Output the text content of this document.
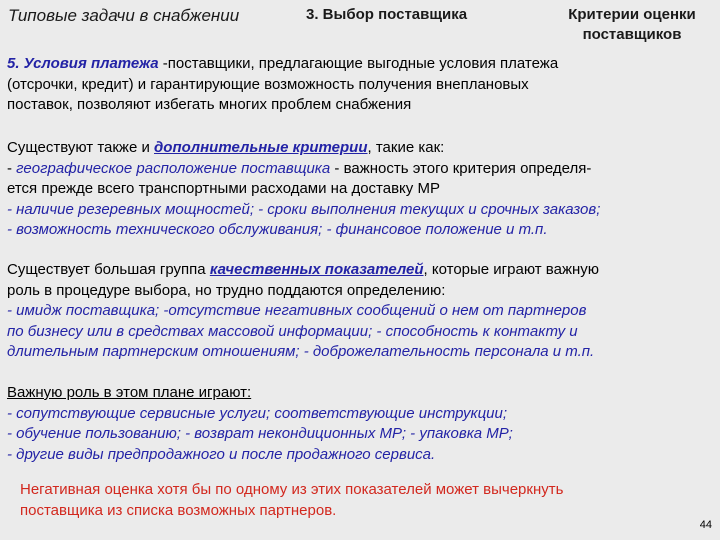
Типовые задачи в снабжении	3. Выбор поставщика	Критерии оценки поставщиков
5. Условия платежа -поставщики, предлагающие выгодные условия платежа
(отсрочки, кредит) и гарантирующие возможность получения внеплановых
поставок, позволяют избегать многих проблем снабжения
Существуют также и дополнительные критерии, такие как:
- географическое расположение поставщика - важность этого критерия определя-
ется прежде всего транспортными расходами на доставку МР
- наличие резеревных мощностей; - сроки выполнения текущих и срочных заказов;
- возможность технического обслуживания; - финансовое положение и т.п.
Существует большая группа качественных показателей, которые играют важную
роль в процедуре выбора, но трудно поддаются определению:
- имидж поставщика; -отсутствие негативных сообщений о нем от партнеров
по бизнесу или в средствах массовой информации; - способность к контакту и
длительным партнерским отношениям; - доброжелательность персонала и т.п.
Важную роль в этом плане играют:
- сопутствующие сервисные услуги; соответствующие инструкции;
- обучение пользованию; - возврат некондиционных МР; - упаковка МР;
- другие виды предпродажного и после продажного сервиса.
Негативная оценка хотя бы по одному из этих показателей может вычеркнуть
поставщика из списка возможных партнеров.
44
